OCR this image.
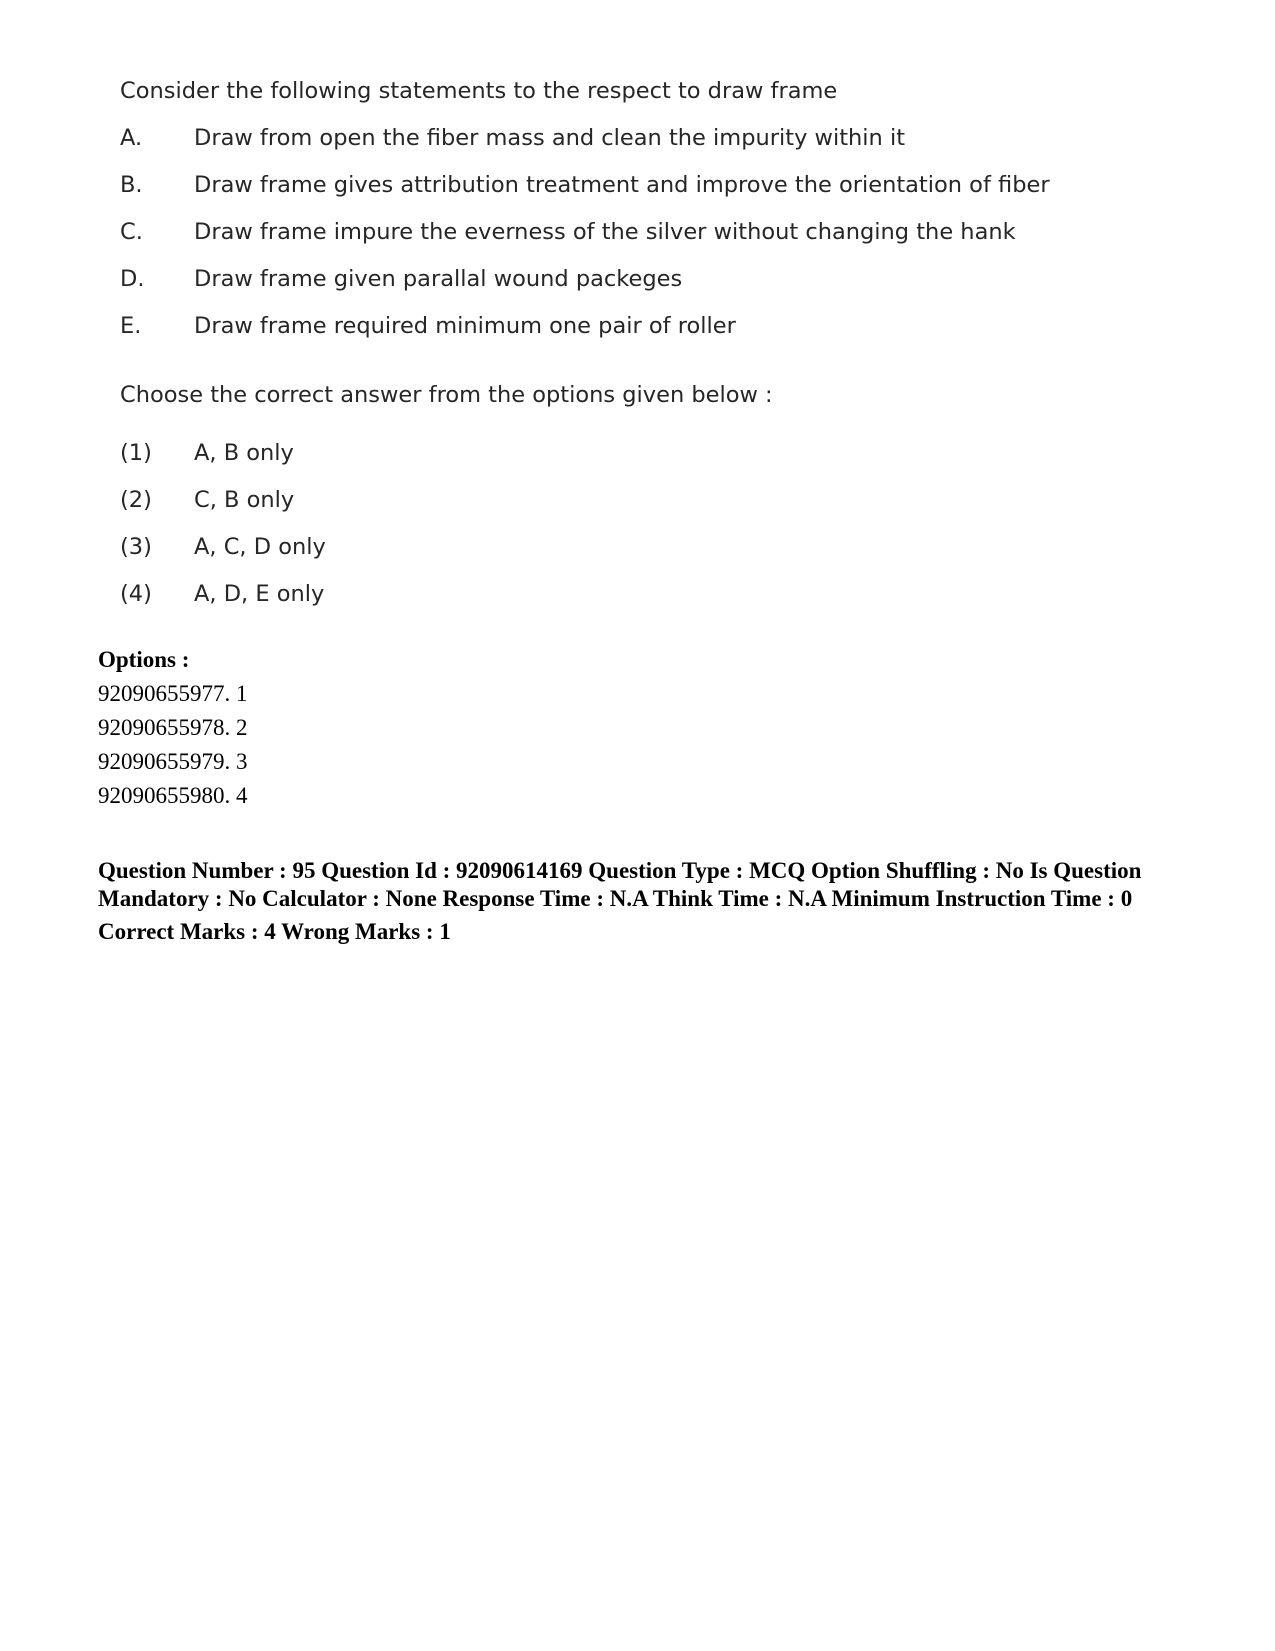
Consider the following statements to the respect to draw frame
A.	Draw from open the fiber mass and clean the impurity within it
B.	Draw frame gives attribution treatment and improve the orientation of fiber
C.	Draw frame impure the everness of the silver without changing the hank
D.	Draw frame given parallal wound packeges
E.	Draw frame required minimum one pair of roller
Choose the correct answer from the options given below :
(1)	A, B only
(2)	C, B only
(3)	A, C, D only
(4)	A, D, E only
Options :
92090655977. 1
92090655978. 2
92090655979. 3
92090655980. 4
Question Number : 95 Question Id : 92090614169 Question Type : MCQ Option Shuffling : No Is Question Mandatory : No Calculator : None Response Time : N.A Think Time : N.A Minimum Instruction Time : 0
Correct Marks : 4 Wrong Marks : 1
